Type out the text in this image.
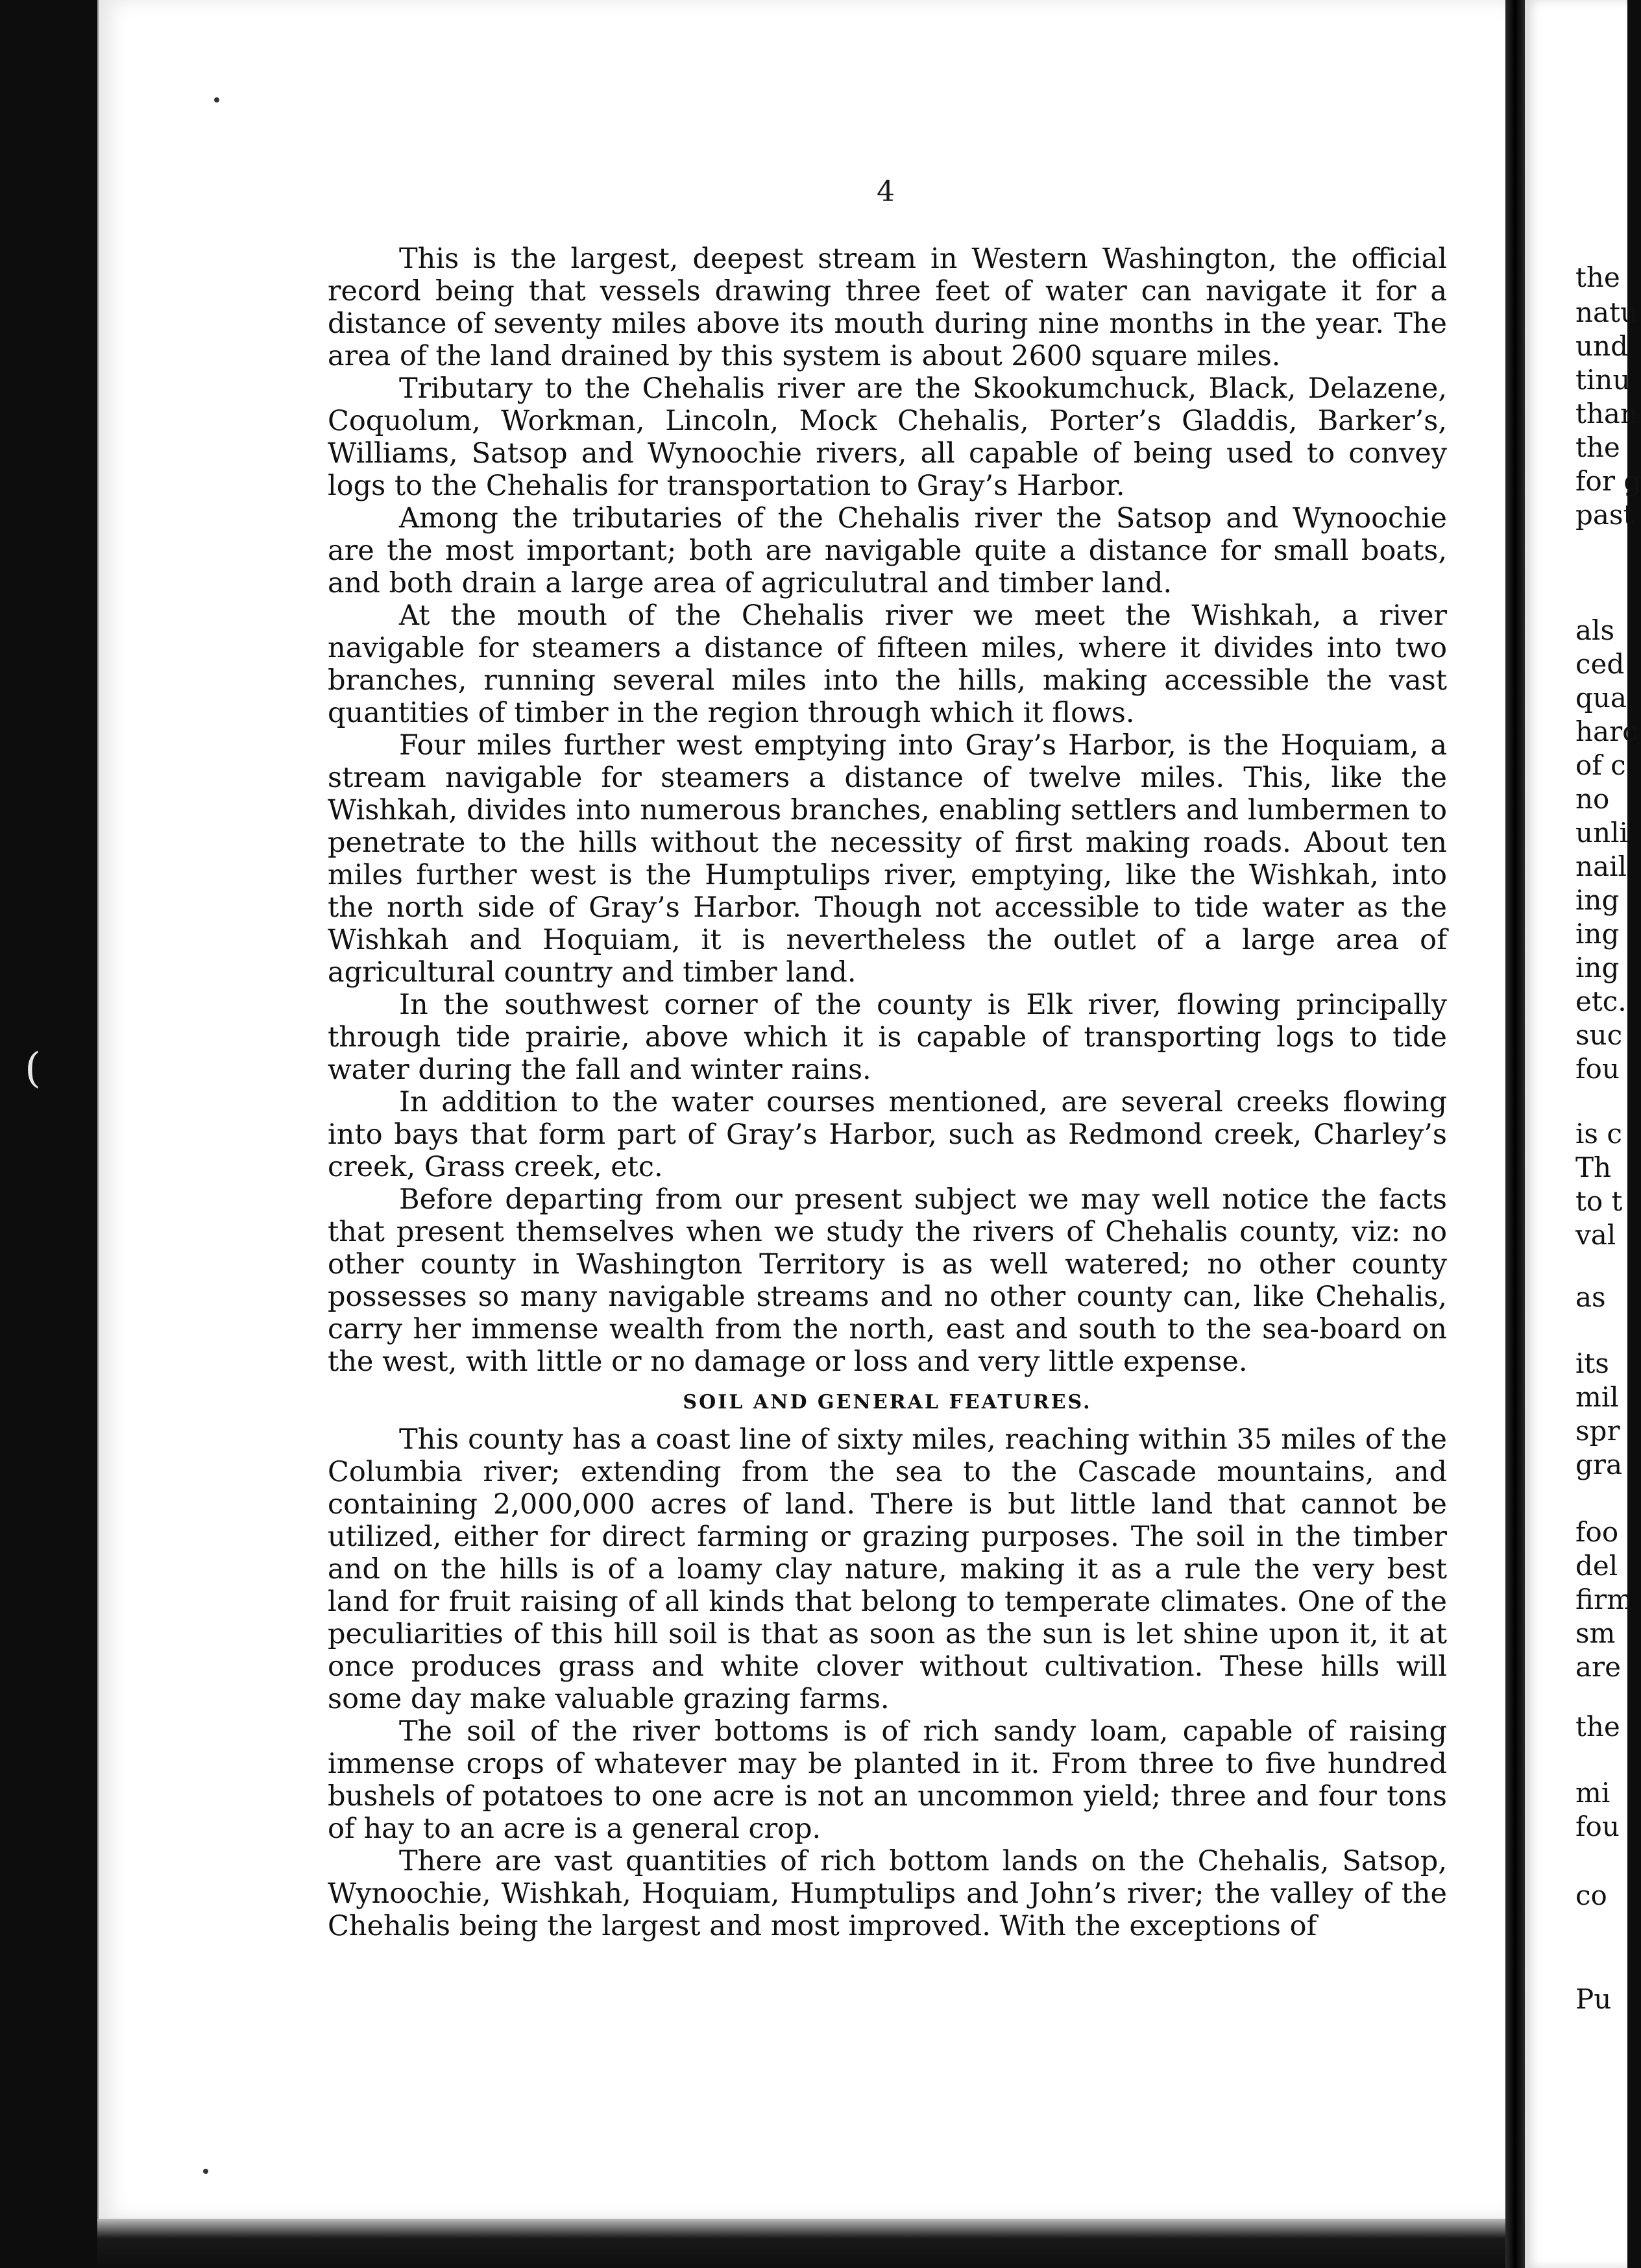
(
4

This is the largest, deepest stream in Western Washington, the official record being that vessels drawing three feet of water can navigate it for a distance of seventy miles above its mouth during nine months in the year. The area of the land drained by this system is about 2600 square miles.

Tributary to the Chehalis river are the Skookumchuck, Black, Delazene, Coquolum, Workman, Lincoln, Mock Chehalis, Porter’s Gladdis, Barker’s, Williams, Satsop and Wynoochie rivers, all capable of being used to convey logs to the Chehalis for transportation to Gray’s Harbor.

Among the tributaries of the Chehalis river the Satsop and Wynoochie are the most important; both are navigable quite a distance for small boats, and both drain a large area of agriculutral and timber land.

At the mouth of the Chehalis river we meet the Wishkah, a river navigable for steamers a distance of fifteen miles, where it divides into two branches, running several miles into the hills, making accessible the vast quantities of timber in the region through which it flows.

Four miles further west emptying into Gray’s Harbor, is the Hoquiam, a stream navigable for steamers a distance of twelve miles. This, like the Wishkah, divides into numerous branches, enabling settlers and lumbermen to penetrate to the hills without the necessity of first making roads. About ten miles further west is the Humptulips river, emptying, like the Wishkah, into the north side of Gray’s Harbor. Though not accessible to tide water as the Wishkah and Hoquiam, it is nevertheless the outlet of a large area of agricultural country and timber land.

In the southwest corner of the county is Elk river, flowing principally through tide prairie, above which it is capable of transporting logs to tide water during the fall and winter rains.

In addition to the water courses mentioned, are several creeks flowing into bays that form part of Gray’s Harbor, such as Redmond creek, Charley’s creek, Grass creek, etc.

Before departing from our present subject we may well notice the facts that present themselves when we study the rivers of Chehalis county, viz: no other county in Washington Territory is as well watered; no other county possesses so many navigable streams and no other county can, like Chehalis, carry her immense wealth from the north, east and south to the sea-board on the west, with little or no damage or loss and very little expense.

SOIL AND GENERAL FEATURES.

This county has a coast line of sixty miles, reaching within 35 miles of the Columbia river; extending from the sea to the Cascade mountains, and containing 2,000,000 acres of land. There is but little land that cannot be utilized, either for direct farming or grazing purposes. The soil in the timber and on the hills is of a loamy clay nature, making it as a rule the very best land for fruit raising of all kinds that belong to temperate climates. One of the peculiarities of this hill soil is that as soon as the sun is let shine upon it, it at once produces grass and white clover without cultivation. These hills will some day make valuable grazing farms.

The soil of the river bottoms is of rich sandy loam, capable of raising immense crops of whatever may be planted in it. From three to five hundred bushels of potatoes to one acre is not an uncommon yield; three and four tons of hay to an acre is a general crop.

There are vast quantities of rich bottom lands on the Chehalis, Satsop, Wynoochie, Wishkah, Hoquiam, Humptulips and John’s river; the valley of the Chehalis being the largest and most improved. With the exceptions of

the
natu
und
tinu
than
the
for g
past
als
ced
qua
harc
of c
no
unli
nail
ing
ing
ing
etc.
suc
fou
is c
Th
to t
val
as
its
mil
spr
gra
foo
del
firm
sm
are
the
mi
fou
co
Pu
